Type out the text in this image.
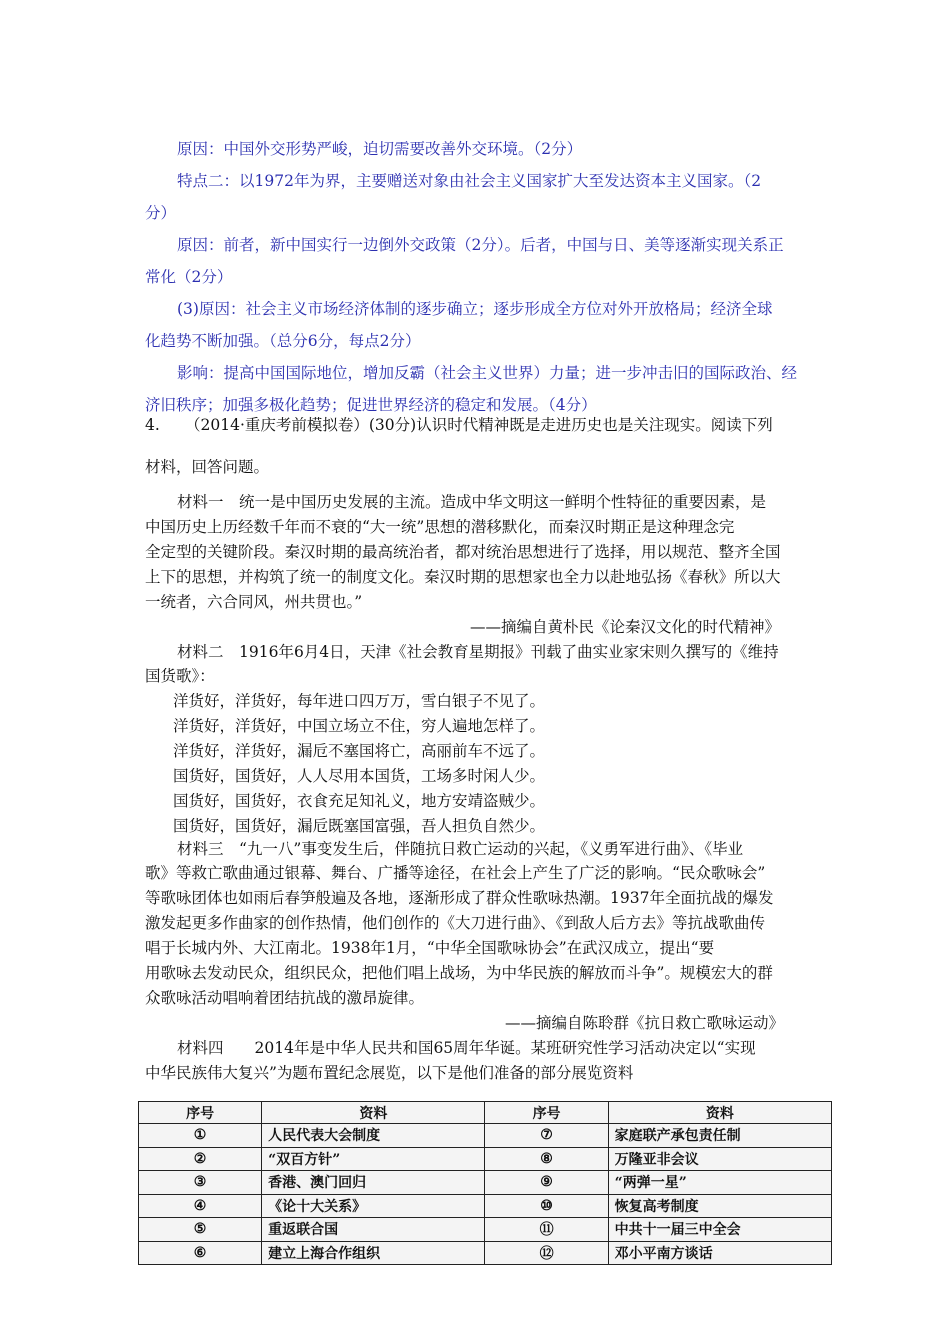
原因：中国外交形势严峻，迫切需要改善外交环境。（2分）
特点二：以1972年为界，主要赠送对象由社会主义国家扩大至发达资本主义国家。（2
分）
原因：前者，新中国实行一边倒外交政策（2分）。后者，中国与日、美等逐渐实现关系正
常化（2分）
(3)原因：社会主义市场经济体制的逐步确立；逐步形成全方位对外开放格局；经济全球
化趋势不断加强。（总分6分，每点2分）
影响：提高中国国际地位，增加反霸（社会主义世界）力量；进一步冲击旧的国际政治、经
济旧秩序；加强多极化趋势；促进世界经济的稳定和发展。（4分）
4. （2014·重庆考前模拟卷）(30分)认识时代精神既是走进历史也是关注现实。阅读下列
材料，回答问题。
材料一　统一是中国历史发展的主流。造成中华文明这一鲜明个性特征的重要因素，是
中国历史上历经数千年而不衰的“大一统”思想的潜移默化，而秦汉时期正是这种理念完
全定型的关键阶段。秦汉时期的最高统治者，都对统治思想进行了选择，用以规范、整齐全国
上下的思想，并构筑了统一的制度文化。秦汉时期的思想家也全力以赴地弘扬《春秋》所以大
一统者，六合同风，州共贯也。”
——摘编自黄朴民《论秦汉文化的时代精神》
材料二　1916年6月4日，天津《社会教育星期报》刊载了曲实业家宋则久撰写的《维持
国货歌》：
洋货好，洋货好，每年进口四万万，雪白银子不见了。
洋货好，洋货好，中国立场立不住，穷人遍地怎样了。
洋货好，洋货好，漏卮不塞国将亡，高丽前车不远了。
国货好，国货好，人人尽用本国货，工场多时闲人少。
国货好，国货好，衣食充足知礼义，地方安靖盗贼少。
国货好，国货好，漏卮既塞国富强，吾人担负自然少。
材料三　“九一八”事变发生后，伴随抗日救亡运动的兴起，《义勇军进行曲》、《毕业
歌》等救亡歌曲通过银幕、舞台、广播等途径，在社会上产生了广泛的影响。“民众歌咏会”
等歌咏团体也如雨后春笋般遍及各地，逐渐形成了群众性歌咏热潮。1937年全面抗战的爆发
激发起更多作曲家的创作热情，他们创作的《大刀进行曲》、《到敌人后方去》等抗战歌曲传
唱于长城内外、大江南北。1938年1月，“中华全国歌咏协会”在武汉成立，提出“要
用歌咏去发动民众，组织民众，把他们唱上战场，为中华民族的解放而斗争”。规模宏大的群
众歌咏活动唱响着团结抗战的激昂旋律。
——摘编自陈聆群《抗日救亡歌咏运动》
材料四　　2014年是中华人民共和国65周年华诞。某班研究性学习活动决定以“实现
中华民族伟大复兴”为题布置纪念展览，以下是他们准备的部分展览资料
序号	资料	序号	资料
①	人民代表大会制度	⑦	家庭联产承包责任制
②	“双百方针”	⑧	万隆亚非会议
③	香港、澳门回归	⑨	“两弹一星”
④	《论十大关系》	⑩	恢复高考制度
⑤	重返联合国	⑪	中共十一届三中全会
⑥	建立上海合作组织	⑫	邓小平南方谈话
